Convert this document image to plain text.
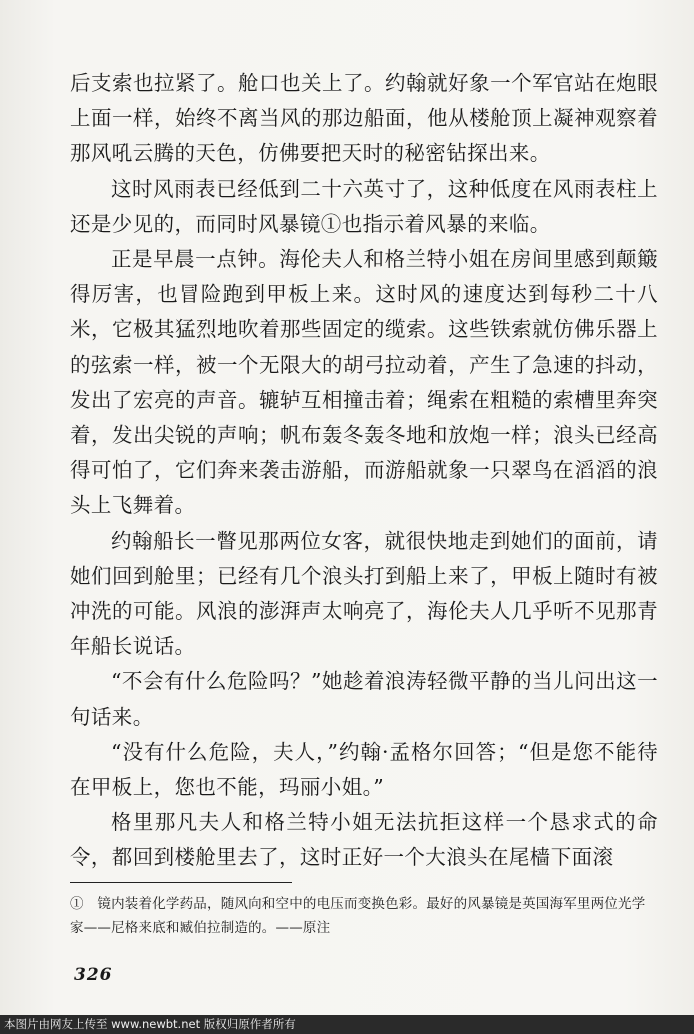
后支索也拉紧了。舱口也关上了。约翰就好象一个军官站在炮眼上面一样，始终不离当风的那边船面，他从楼舱顶上凝神观察着那风吼云腾的天色，仿佛要把天时的秘密钻探出来。

这时风雨表已经低到二十六英寸了，这种低度在风雨表柱上还是少见的，而同时风暴镜①也指示着风暴的来临。

正是早晨一点钟。海伦夫人和格兰特小姐在房间里感到颠簸得厉害，也冒险跑到甲板上来。这时风的速度达到每秒二十八米，它极其猛烈地吹着那些固定的缆索。这些铁索就仿佛乐器上的弦索一样，被一个无限大的胡弓拉动着，产生了急速的抖动，发出了宏亮的声音。辘轳互相撞击着；绳索在粗糙的索槽里奔突着，发出尖锐的声响；帆布轰冬轰冬地和放炮一样；浪头已经高得可怕了，它们奔来袭击游船，而游船就象一只翠鸟在滔滔的浪头上飞舞着。

约翰船长一瞥见那两位女客，就很快地走到她们的面前，请她们回到舱里；已经有几个浪头打到船上来了，甲板上随时有被冲洗的可能。风浪的澎湃声太响亮了，海伦夫人几乎听不见那青年船长说话。

“不会有什么危险吗？”她趁着浪涛轻微平静的当儿问出这一句话来。

“没有什么危险，夫人，”约翰·孟格尔回答；“但是您不能待在甲板上，您也不能，玛丽小姐。”

格里那凡夫人和格兰特小姐无法抗拒这样一个恳求式的命令，都回到楼舱里去了，这时正好一个大浪头在尾樯下面滚

①　镜内装着化学药品，随风向和空中的电压而变换色彩。最好的风暴镜是英国海军里两位光学家——尼格来底和臧伯拉制造的。——原注
326
本图片由网友上传至 www.newbt.net 版权归原作者所有
